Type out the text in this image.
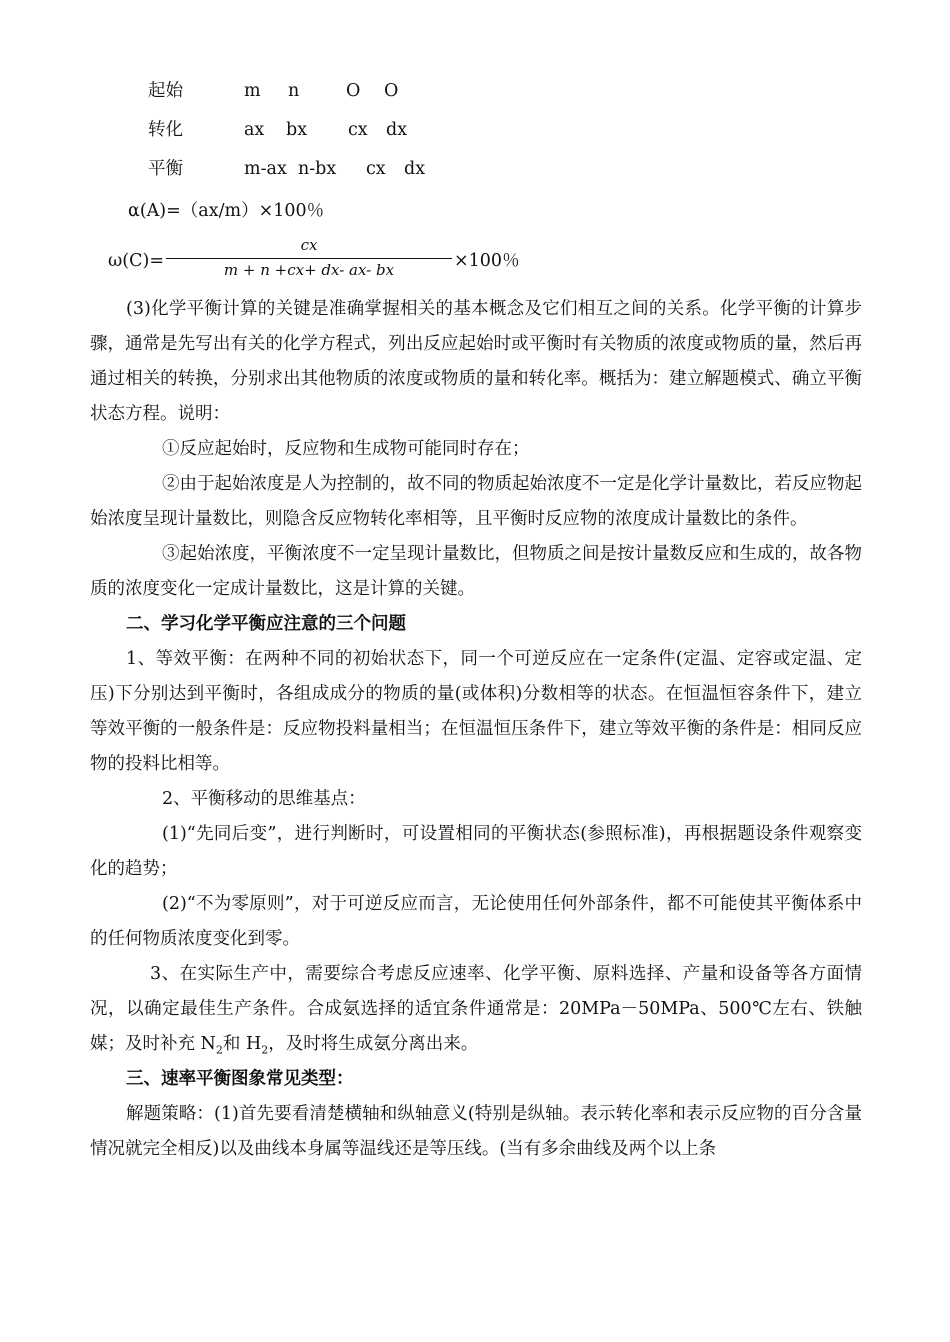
起始	m n	O O
转化	ax bx cx dx
平衡	m-ax n-bx cx dx
α(A)=（ax/m）×100％
ω(C)=
cx
m + n +cx+ dx- ax- bx	×100％

(3)化学平衡计算的关键是准确掌握相关的基本概念及它们相互之间的关系。化学平衡的计算步骤，通常是先写出有关的化学方程式，列出反应起始时或平衡时有关物质的浓度或物质的量，然后再通过相关的转换，分别求出其他物质的浓度或物质的量和转化率。概括为：建立解题模式、确立平衡状态方程。说明：

①反应起始时，反应物和生成物可能同时存在；

②由于起始浓度是人为控制的，故不同的物质起始浓度不一定是化学计量数比，若反应物起始浓度呈现计量数比，则隐含反应物转化率相等，且平衡时反应物的浓度成计量数比的条件。

③起始浓度，平衡浓度不一定呈现计量数比，但物质之间是按计量数反应和生成的，故各物质的浓度变化一定成计量数比，这是计算的关键。

二、学习化学平衡应注意的三个问题

1、等效平衡：在两种不同的初始状态下，同一个可逆反应在一定条件(定温、定容或定温、定压)下分别达到平衡时，各组成成分的物质的量(或体积)分数相等的状态。在恒温恒容条件下，建立等效平衡的一般条件是：反应物投料量相当；在恒温恒压条件下，建立等效平衡的条件是：相同反应物的投料比相等。

2、平衡移动的思维基点：

(1)“先同后变”，进行判断时，可设置相同的平衡状态(参照标准)，再根据题设条件观察变化的趋势；

(2)“不为零原则”，对于可逆反应而言，无论使用任何外部条件，都不可能使其平衡体系中的任何物质浓度变化到零。

3、在实际生产中，需要综合考虑反应速率、化学平衡、原料选择、产量和设备等各方面情况，以确定最佳生产条件。合成氨选择的适宜条件通常是：20MPa－50MPa、500℃左右、铁触媒；及时补充 $N_2$和 $H_2$，及时将生成氨分离出来。

三、速率平衡图象常见类型：

解题策略：(1)首先要看清楚横轴和纵轴意义(特别是纵轴。表示转化率和表示反应物的百分含量情况就完全相反)以及曲线本身属等温线还是等压线。(当有多余曲线及两个以上条
